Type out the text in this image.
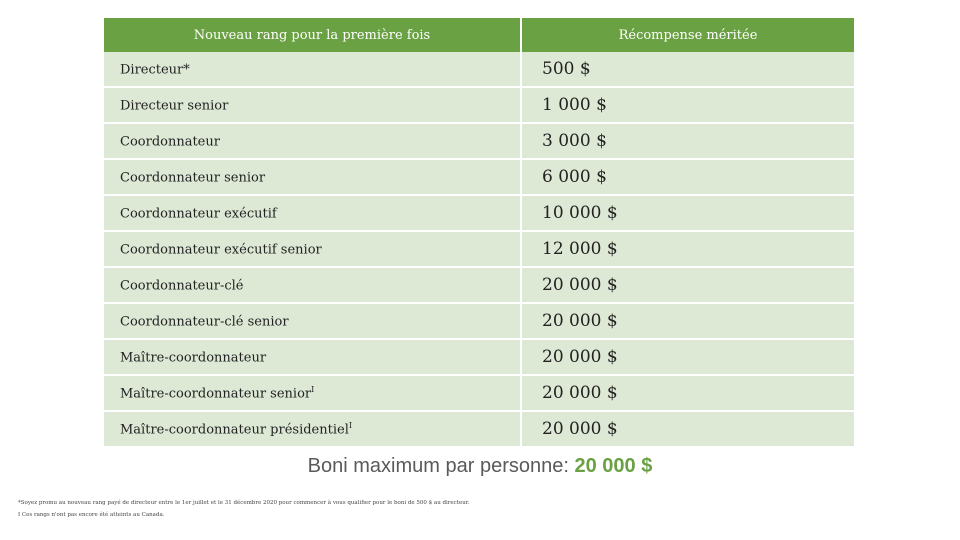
Nouveau rang pour la première fois	Récompense méritée
Directeur*	500 $
Directeur senior	1 000 $
Coordonnateur	3 000 $
Coordonnateur senior	6 000 $
Coordonnateur exécutif	10 000 $
Coordonnateur exécutif senior	12 000 $
Coordonnateur-clé	20 000 $
Coordonnateur-clé senior	20 000 $
Maître-coordonnateur	20 000 $
Maître-coordonnateur senior$^I$	20 000 $
Maître-coordonnateur présidentiel$^I$	20 000 $
Boni maximum par personne: 20 000 $
*Soyez promu au nouveau rang payé de directeur entre le 1er juillet et le 31 décembre 2020 pour commencer à vous qualifier pour le boni de 500 $ au directeur.
I Ces rangs n'ont pas encore été atteints au Canada.
